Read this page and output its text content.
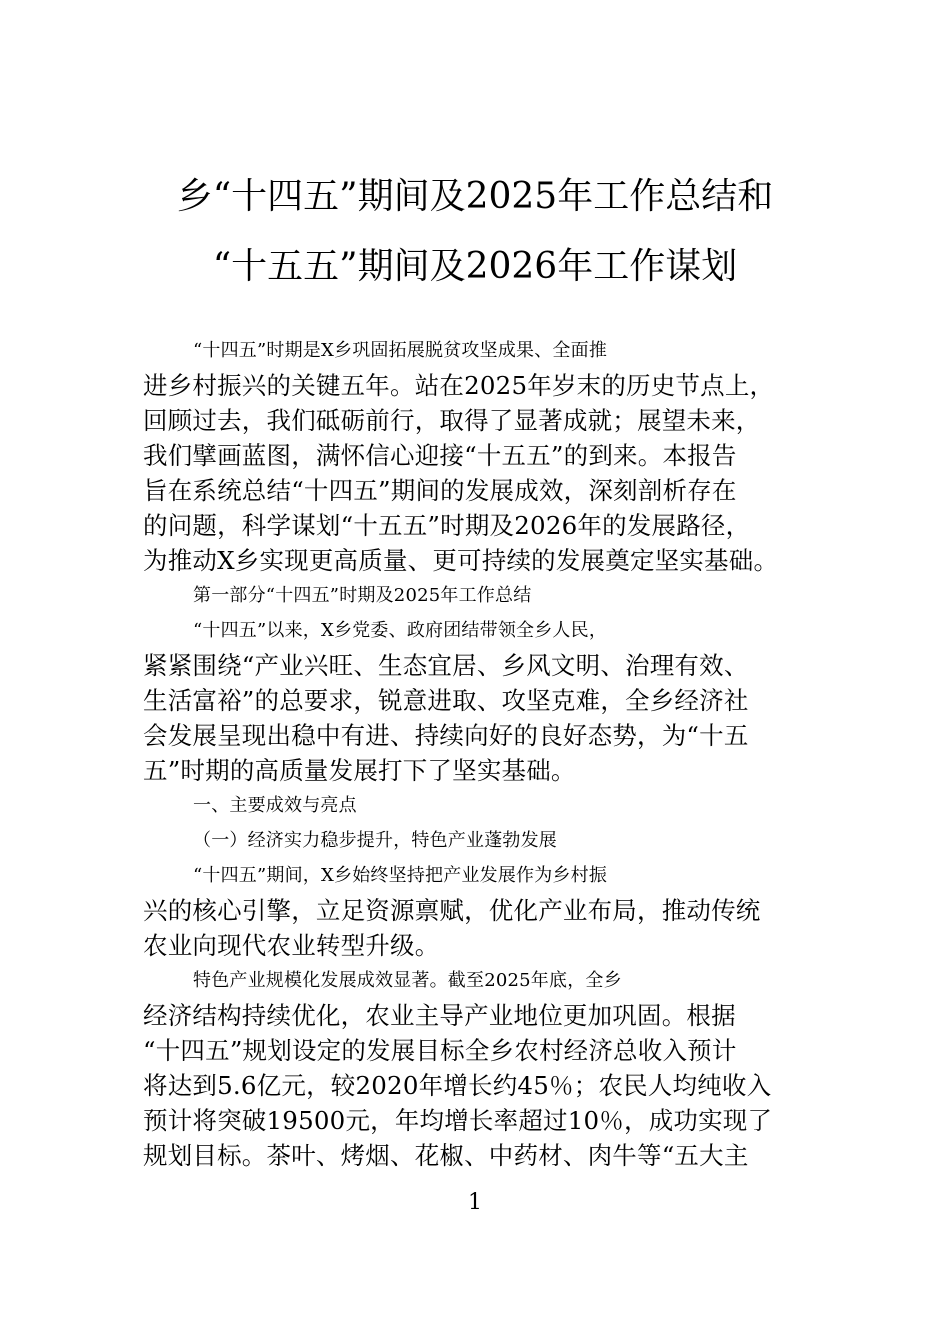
乡“十四五”期间及2025年工作总结和
“十五五”期间及2026年工作谋划
“十四五”时期是X乡巩固拓展脱贫攻坚成果、全面推
进乡村振兴的关键五年。站在2025年岁末的历史节点上，
回顾过去，我们砥砺前行，取得了显著成就；展望未来，
我们擘画蓝图，满怀信心迎接“十五五”的到来。本报告
旨在系统总结“十四五”期间的发展成效，深刻剖析存在
的问题，科学谋划“十五五”时期及2026年的发展路径，
为推动X乡实现更高质量、更可持续的发展奠定坚实基础。
第一部分“十四五”时期及2025年工作总结
“十四五”以来，X乡党委、政府团结带领全乡人民，
紧紧围绕“产业兴旺、生态宜居、乡风文明、治理有效、
生活富裕”的总要求，锐意进取、攻坚克难，全乡经济社
会发展呈现出稳中有进、持续向好的良好态势，为“十五
五”时期的高质量发展打下了坚实基础。
一、主要成效与亮点
（一）经济实力稳步提升，特色产业蓬勃发展
“十四五”期间，X乡始终坚持把产业发展作为乡村振
兴的核心引擎，立足资源禀赋，优化产业布局，推动传统
农业向现代农业转型升级。
特色产业规模化发展成效显著。截至2025年底，全乡
经济结构持续优化，农业主导产业地位更加巩固。根据
“十四五”规划设定的发展目标全乡农村经济总收入预计
将达到5.6亿元，较2020年增长约45％；农民人均纯收入
预计将突破19500元，年均增长率超过10％，成功实现了
规划目标。茶叶、烤烟、花椒、中药材、肉牛等“五大主
1
